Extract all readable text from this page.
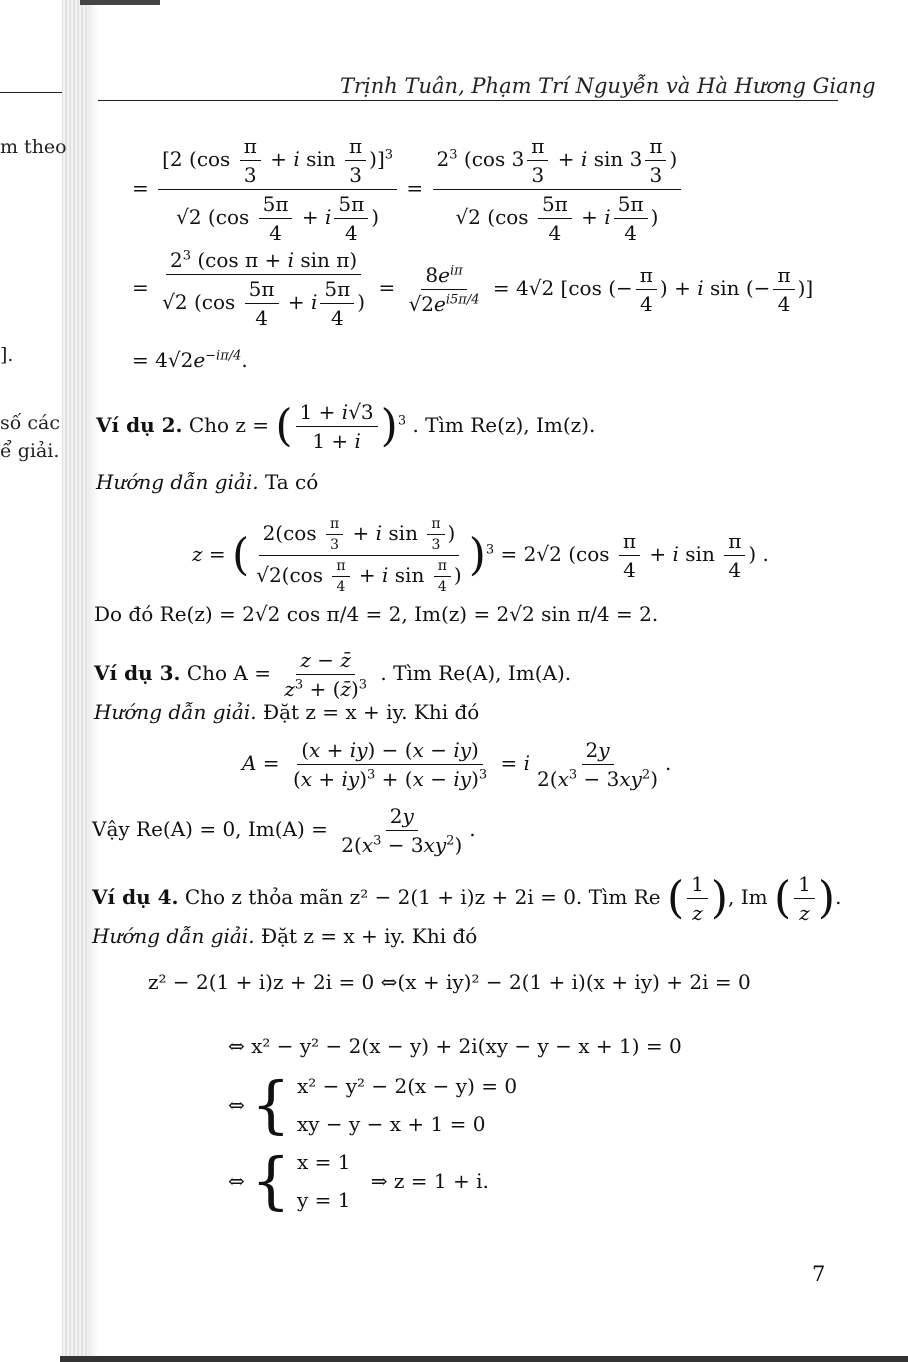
m theo
].
số các
ể giải.
Trịnh Tuân, Phạm Trí Nguyễn và Hà Hương Giang
= $\frac{[2 (\cos \frac{\pi}{3} + i \sin \frac{\pi}{3} )]^3}{√2 (\cos \frac{5\pi}{4} + i \frac{5\pi}{4} )} = \frac{2^3 (\cos 3 \frac{\pi}{3} + i \sin 3 \frac{\pi}{3} )}{√2 (\cos \frac{5\pi}{4} + i \frac{5\pi}{4} )}$
= $\frac{2^3 (\cos \pi + i \sin \pi)}{√2 (\cos \frac{5\pi}{4} + i \frac{5\pi}{4} )} = \frac{8e^{i\pi}}{√2e^{i5\pi/4}} = 4√2$ [cos (− $\frac{\pi}{4}$ ) + i sin (− $\frac{\pi}{4}$ )]
= $4√2e^{-i\pi/4}$.
Ví dụ 2. Cho z = ( $\frac{1 + i√3}{1 + i} )^3$ . Tìm Re(z), Im(z).
Hướng dẫn giải. Ta có
z = ( $\frac{2(\cos \frac{\pi}{3} + i \sin \frac{\pi}{3} )}{√2(\cos \frac{\pi}{4} + i \sin \frac{\pi}{4} )} )^3 = 2√2$ ($\cos \frac{\pi}{4} + i$ $\sin \frac{\pi}{4}$ ) .
Do đó Re(z) = 2√2 cos π/4 = 2, Im(z) = 2√2 sin π/4 = 2.
Ví dụ 3. Cho $A = \frac{z - z̄}{z^3 + (z̄)^3}$ . Tìm Re(A), Im(A).
Hướng dẫn giải. Đặt z = x + iy. Khi đó
$A = \frac{(x + iy) - (x - iy)}{(x + iy)^3 + (x - iy)^3} = i \frac{2y}{2(x^3 - 3xy^2)}$ .
Vậy Re(A) = 0, $Im(A) = \frac{2y}{2(x^3 - 3xy^2)}$ .
Ví dụ 4. Cho z thỏa mãn z² − 2(1 + i)z + 2i = 0. Tìm Re ( $\frac{1}{z}$ ), Im ( $\frac{1}{z}$ ).
Hướng dẫn giải. Đặt z = x + iy. Khi đó
z² − 2(1 + i)z + 2i = 0 ⇔(x + iy)² − 2(1 + i)(x + iy) + 2i = 0
⇔ x² − y² − 2(x − y) + 2i(xy − y − x + 1) = 0
⇔ { x² − y² − 2(x − y) = 0
xy − y − x + 1 = 0
⇔ { x = 1
y = 1
⇒ z = 1 + i.
7
